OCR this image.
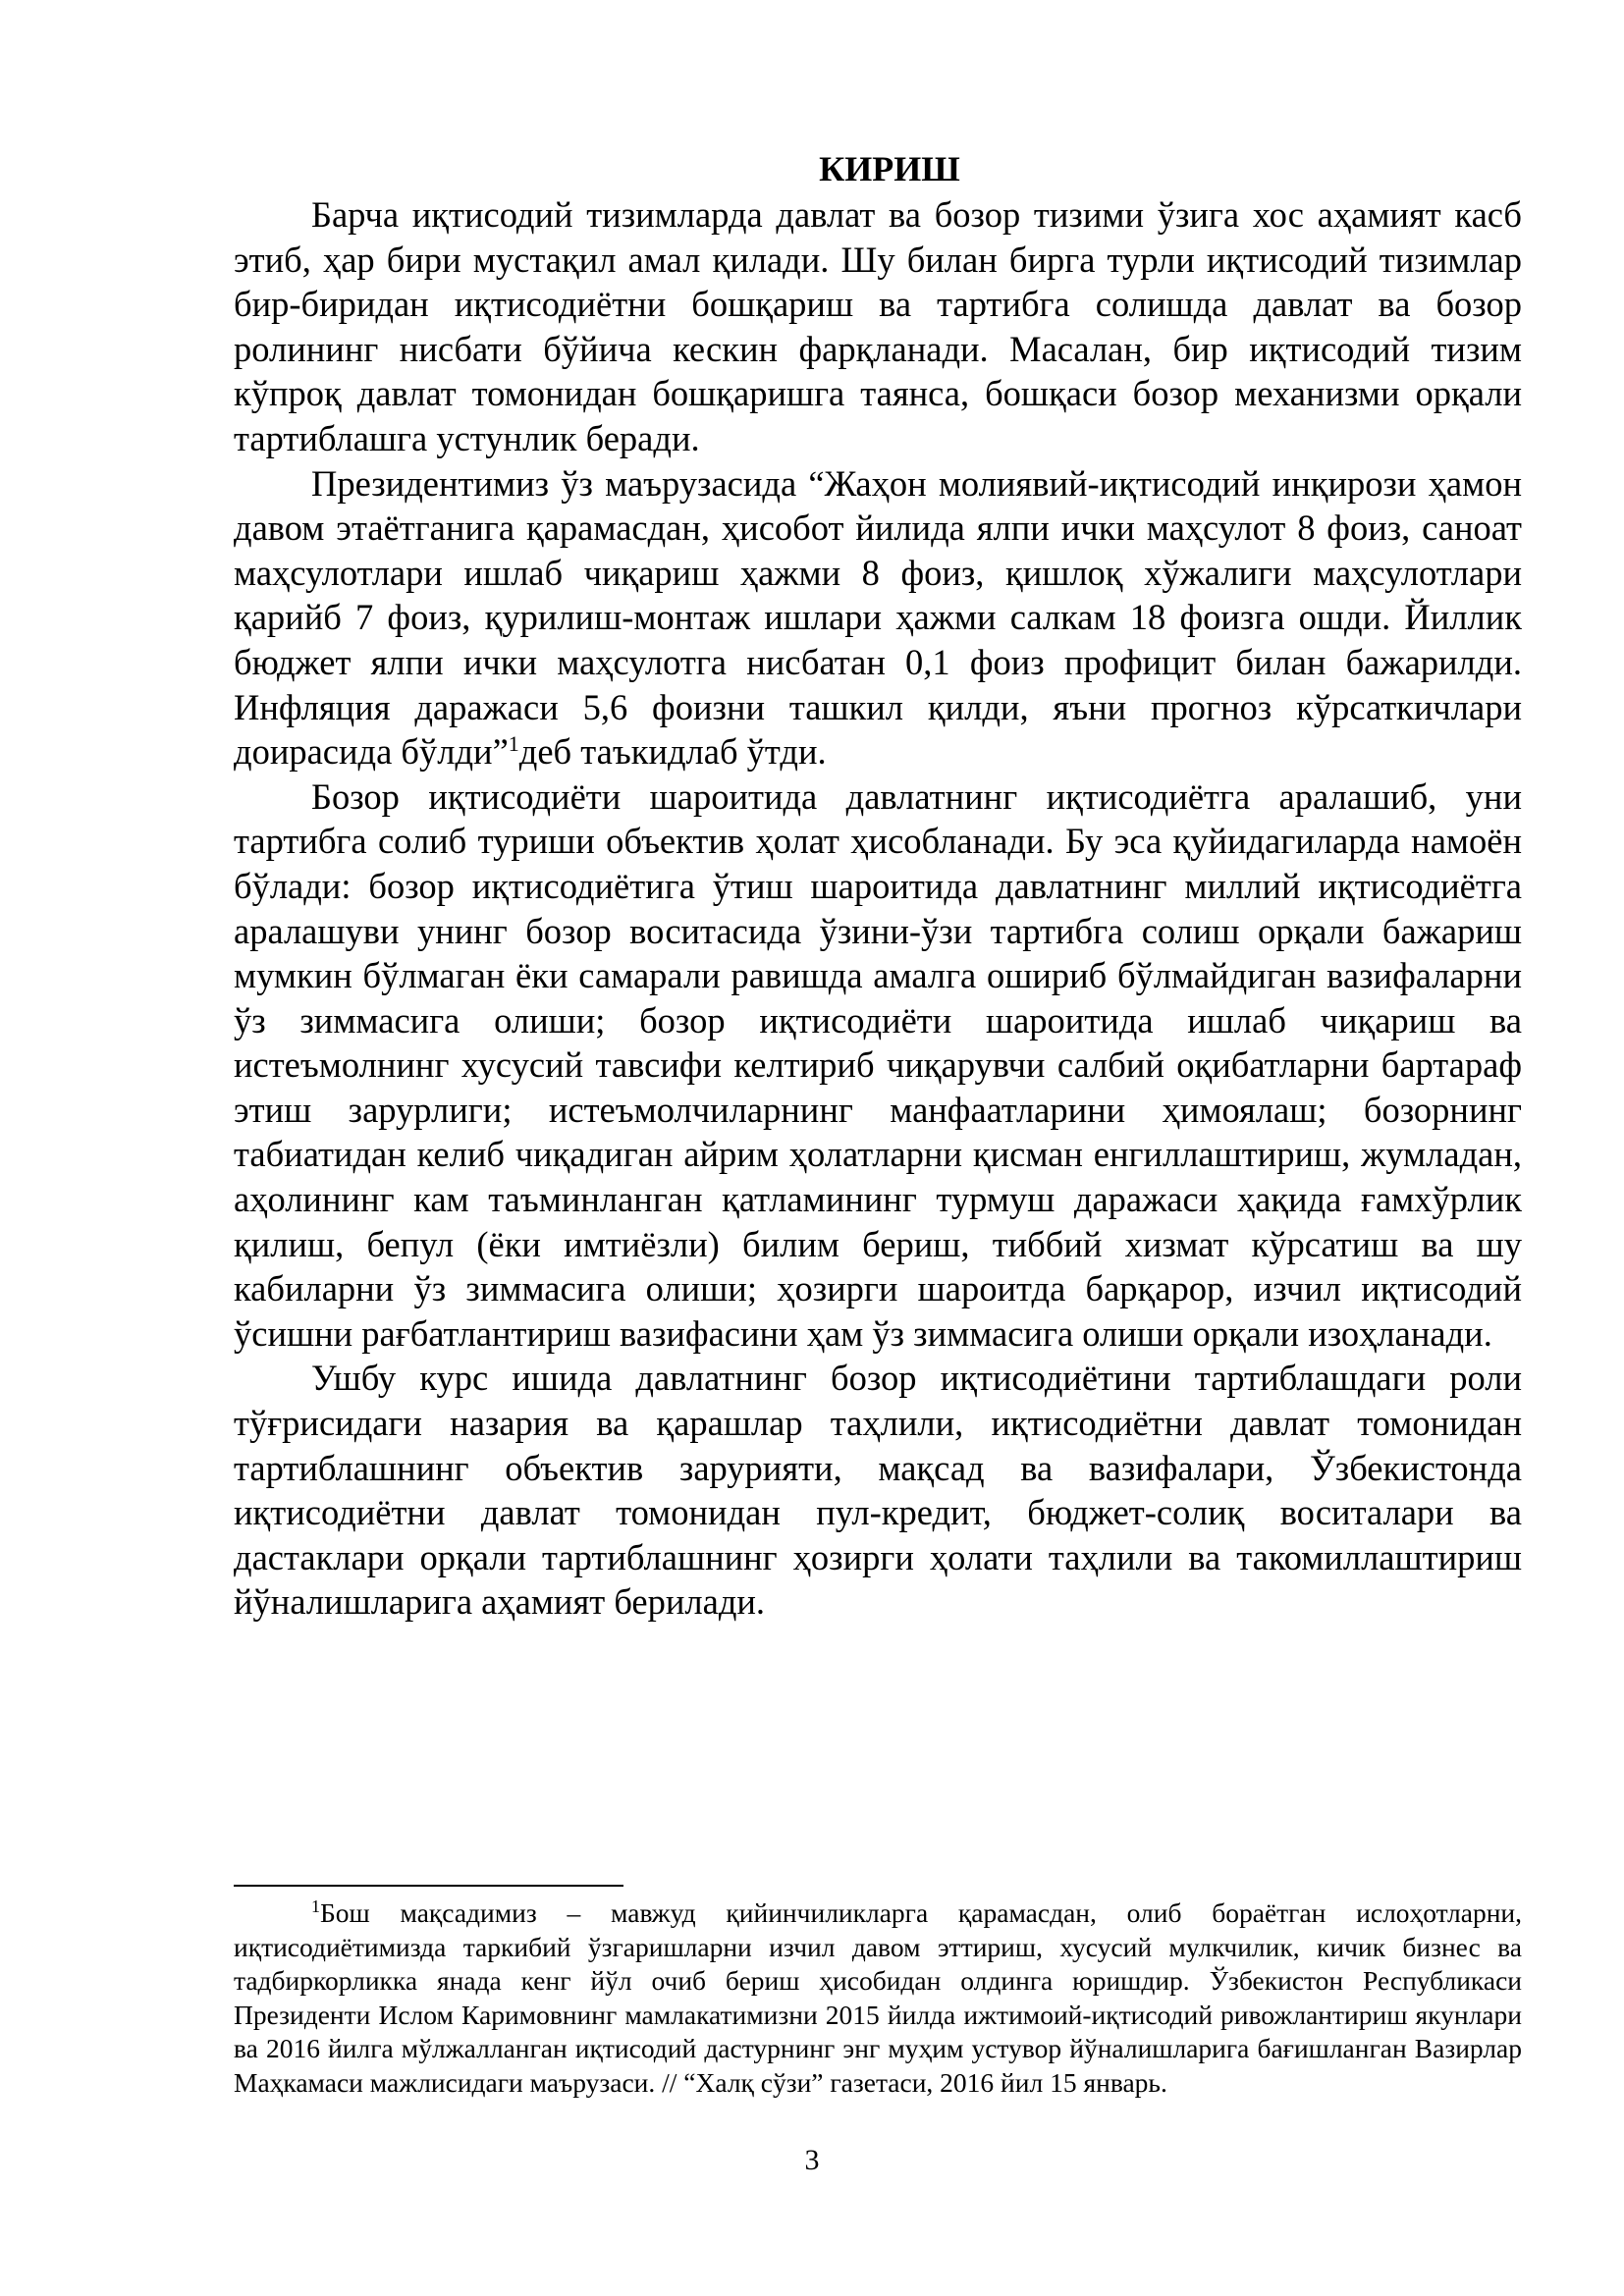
КИРИШ

Барча иқтисодий тизимларда давлат ва бозор тизими ўзига хос аҳамият касб этиб, ҳар бири мустақил амал қилади. Шу билан бирга турли иқтисодий тизимлар бир-биридан иқтисодиётни бошқариш ва тартибга солишда давлат ва бозор ролининг нисбати бўйича кескин фарқланади. Масалан, бир иқтисодий тизим кўпроқ давлат томонидан бошқаришга таянса, бошқаси бозор механизми орқали тартиблашга устунлик беради.

Президентимиз ўз маърузасида “Жаҳон молиявий-иқтисодий инқирози ҳамон давом этаётганига қарамасдан, ҳисобот йилида ялпи ички маҳсулот 8 фоиз, саноат маҳсулотлари ишлаб чиқариш ҳажми 8 фоиз, қишлоқ хўжалиги маҳсулотлари қарийб 7 фоиз, қурилиш-монтаж ишлари ҳажми салкам 18 фоизга ошди. Йиллик бюджет ялпи ички маҳсулотга нисбатан 0,1 фоиз профицит билан бажарилди. Инфляция даражаси 5,6 фоизни ташкил қилди, яъни прогноз кўрсаткичлари доирасида бўлди”$^1$деб таъкидлаб ўтди.

Бозор иқтисодиёти шароитида давлатнинг иқтисодиётга аралашиб, уни тартибга солиб туриши объектив ҳолат ҳисобланади. Бу эса қуйидагиларда намоён бўлади: бозор иқтисодиётига ўтиш шароитида давлатнинг миллий иқтисодиётга аралашуви унинг бозор воситасида ўзини-ўзи тартибга солиш орқали бажариш мумкин бўлмаган ёки самарали равишда амалга ошириб бўлмайдиган вазифаларни ўз зиммасига олиши; бозор иқтисодиёти шароитида ишлаб чиқариш ва истеъмолнинг хусусий тавсифи келтириб чиқарувчи салбий оқибатларни бартараф этиш зарурлиги; истеъмолчиларнинг манфаатларини ҳимоялаш; бозорнинг табиатидан келиб чиқадиган айрим ҳолатларни қисман енгиллаштириш, жумладан, аҳолининг кам таъминланган қатламининг турмуш даражаси ҳақида ғамхўрлик қилиш, бепул (ёки имтиёзли) билим бериш, тиббий хизмат кўрсатиш ва шу кабиларни ўз зиммасига олиши; ҳозирги шароитда барқарор, изчил иқтисодий ўсишни рағбатлантириш вазифасини ҳам ўз зиммасига олиши орқали изоҳланади.

Ушбу курс ишида давлатнинг бозор иқтисодиётини тартиблашдаги роли тўғрисидаги назария ва қарашлар таҳлили, иқтисодиётни давлат томонидан тартиблашнинг объектив зарурияти, мақсад ва вазифалари, Ўзбекистонда иқтисодиётни давлат томонидан пул-кредит, бюджет-солиқ воситалари ва дастаклари орқали тартиблашнинг ҳозирги ҳолати таҳлили ва такомиллаштириш йўналишларига аҳамият берилади.

$^1$Бош мақсадимиз – мавжуд қийинчиликларга қарамасдан, олиб бораётган ислоҳотларни, иқтисодиётимизда таркибий ўзгаришларни изчил давом эттириш, хусусий мулкчилик, кичик бизнес ва тадбиркорликка янада кенг йўл очиб бериш ҳисобидан олдинга юришдир. Ўзбекистон Республикаси Президенти Ислом Каримовнинг мамлакатимизни 2015 йилда ижтимоий-иқтисодий ривожлантириш якунлари ва 2016 йилга мўлжалланган иқтисодий дастурнинг энг муҳим устувор йўналишларига бағишланган Вазирлар Маҳкамаси мажлисидаги маърузаси. // “Халқ сўзи” газетаси, 2016 йил 15 январь.

3
